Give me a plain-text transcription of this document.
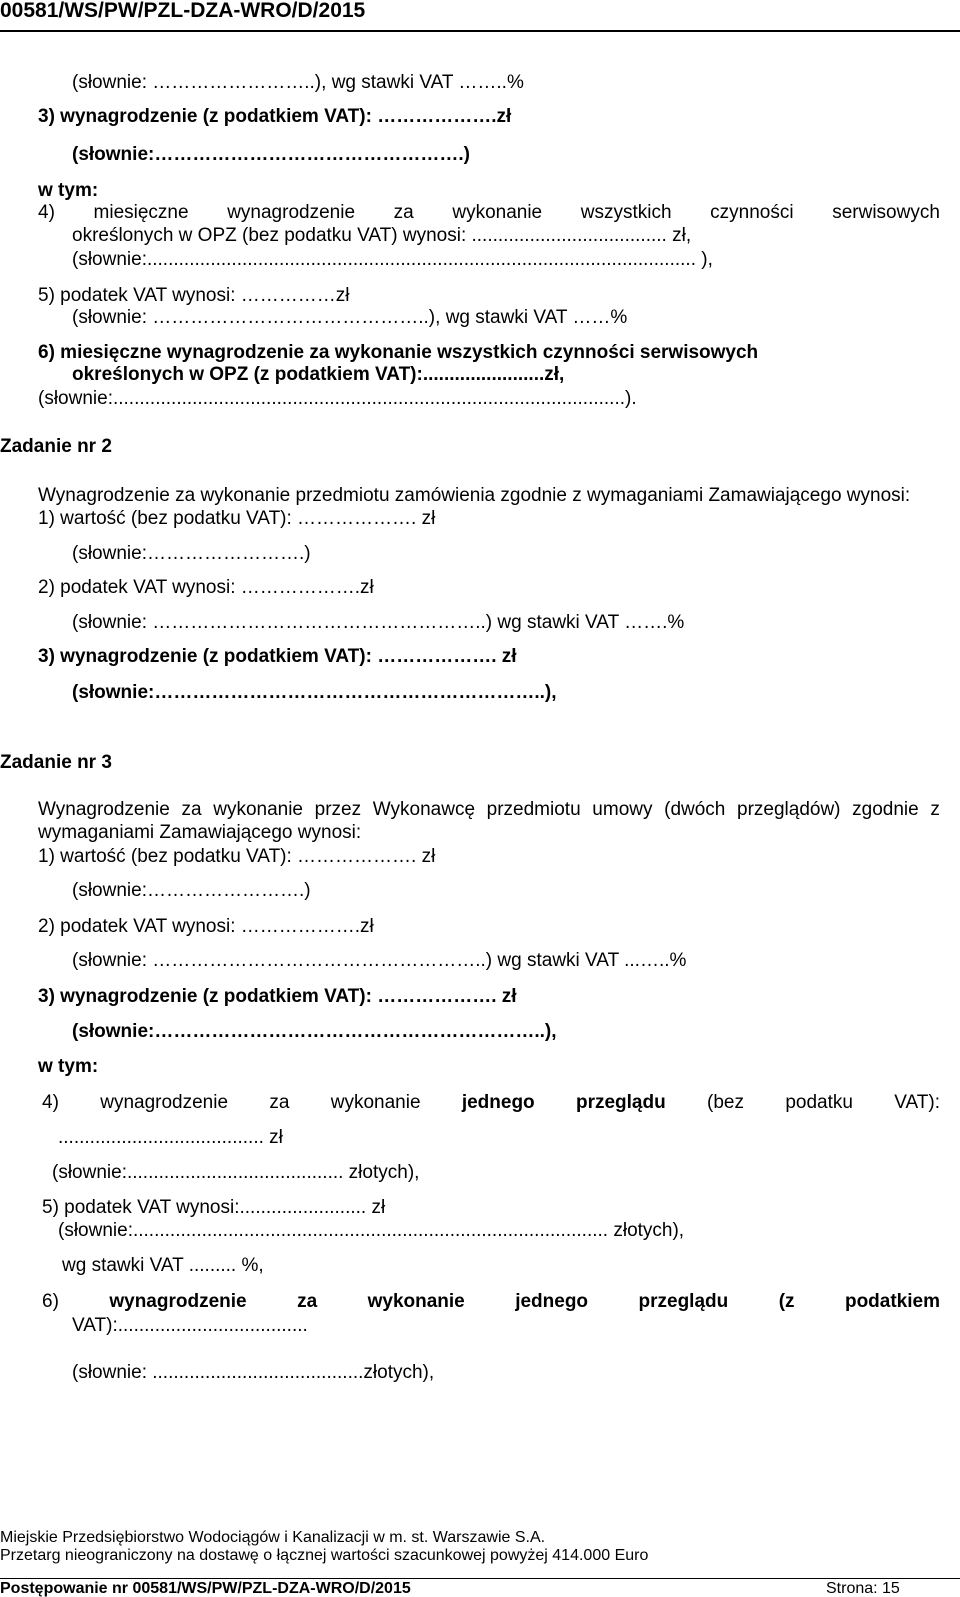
00581/WS/PW/PZL-DZA-WRO/D/2015
(słownie: ……………………..), wg stawki VAT ……..%
3) wynagrodzenie (z podatkiem VAT): ……………….zł
(słownie:………………………………………….)
w tym:
4) miesięczne wynagrodzenie za wykonanie wszystkich czynności serwisowych
określonych w OPZ (bez podatku VAT) wynosi: ..................................... zł,
(słownie:........................................................................................................ ),
5) podatek VAT wynosi: ……………zł
(słownie: ……………………………………..), wg stawki VAT ……%
6) miesięczne wynagrodzenie za wykonanie wszystkich czynności serwisowych
określonych w OPZ (z podatkiem VAT):.......................zł,
(słownie:.................................................................................................).
Zadanie nr 2
Wynagrodzenie za wykonanie przedmiotu zamówienia zgodnie z wymaganiami Zamawiającego wynosi:
1) wartość (bez podatku VAT): ………………. zł
(słownie:…………………….)
2) podatek VAT wynosi: ……………….zł
(słownie: ……………………………………………..) wg stawki VAT …….%
3) wynagrodzenie (z podatkiem VAT): ………………. zł
(słownie:……………………………………………………..),
Zadanie nr 3
Wynagrodzenie za wykonanie przez Wykonawcę przedmiotu umowy (dwóch przeglądów) zgodnie z
wymaganiami Zamawiającego wynosi:
1) wartość (bez podatku VAT): ………………. zł
(słownie:…………………….)
2) podatek VAT wynosi: ……………….zł
(słownie: ……………………………………………..) wg stawki VAT ...…..%
3) wynagrodzenie (z podatkiem VAT): ………………. zł
(słownie:……………………………………………………..),
w tym:
4) wynagrodzenie za wykonanie jednego przeglądu (bez podatku VAT):
....................................... zł
(słownie:......................................... złotych),
5) podatek VAT wynosi:........................ zł
(słownie:.......................................................................................... złotych),
wg stawki VAT ......... %,
6)	wynagrodzenie	za	wykonanie	jednego	przeglądu	(z	podatkiem
VAT):....................................
(słownie: ........................................złotych),
Miejskie Przedsiębiorstwo Wodociągów i Kanalizacji w m. st. Warszawie S.A.
Przetarg nieograniczony na dostawę o łącznej wartości szacunkowej powyżej 414.000 Euro
Postępowanie nr 00581/WS/PW/PZL-DZA-WRO/D/2015	Strona: 15
